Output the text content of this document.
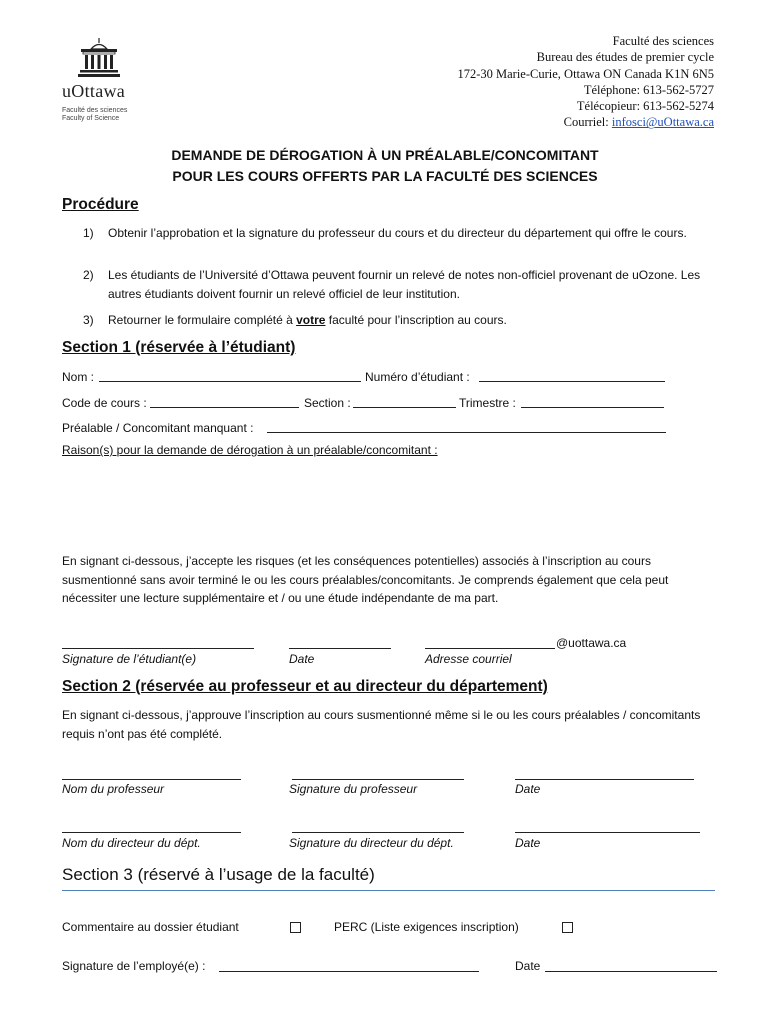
uOttawa
Faculté des sciences
Faculty of Science
Faculté des sciences
Bureau des études de premier cycle
172-30 Marie-Curie, Ottawa ON Canada K1N 6N5
Téléphone: 613-562-5727
Télécopieur: 613-562-5274
Courriel: infosci@uOttawa.ca
DEMANDE DE DÉROGATION À UN PRÉALABLE/CONCOMITANT
POUR LES COURS OFFERTS PAR LA FACULTÉ DES SCIENCES
Procédure
1) Obtenir l’approbation et la signature du professeur du cours et du directeur du département qui offre le cours.
2) Les étudiants de l’Université d’Ottawa peuvent fournir un relevé de notes non-officiel provenant de uOzone. Les autres étudiants doivent fournir un relevé officiel de leur institution.
3) Retourner le formulaire complété à votre faculté pour l’inscription au cours.
Section 1 (réservée à l’étudiant)
Nom :	Numéro d’étudiant :
Code de cours :	Section :	Trimestre :
Préalable / Concomitant manquant :
Raison(s) pour la demande de dérogation à un préalable/concomitant :
En signant ci-dessous, j’accepte les risques (et les conséquences potentielles) associés à l’inscription au cours susmentionné sans avoir terminé le ou les cours préalables/concomitants. Je comprends également que cela peut nécessiter une lecture supplémentaire et / ou une étude indépendante de ma part.
@uottawa.ca
Signature de l’étudiant(e)	Date	Adresse courriel
Section 2 (réservée au professeur et au directeur du département)
En signant ci-dessous, j’approuve l’inscription au cours susmentionné même si le ou les cours préalables / concomitants requis n’ont pas été complété.
Nom du professeur	Signature du professeur	Date
Nom du directeur du dépt.	Signature du directeur du dépt.	Date
Section 3 (réservé à l’usage de la faculté)
Commentaire au dossier étudiant	PERC (Liste exigences inscription)
Signature de l’employé(e) :	Date
